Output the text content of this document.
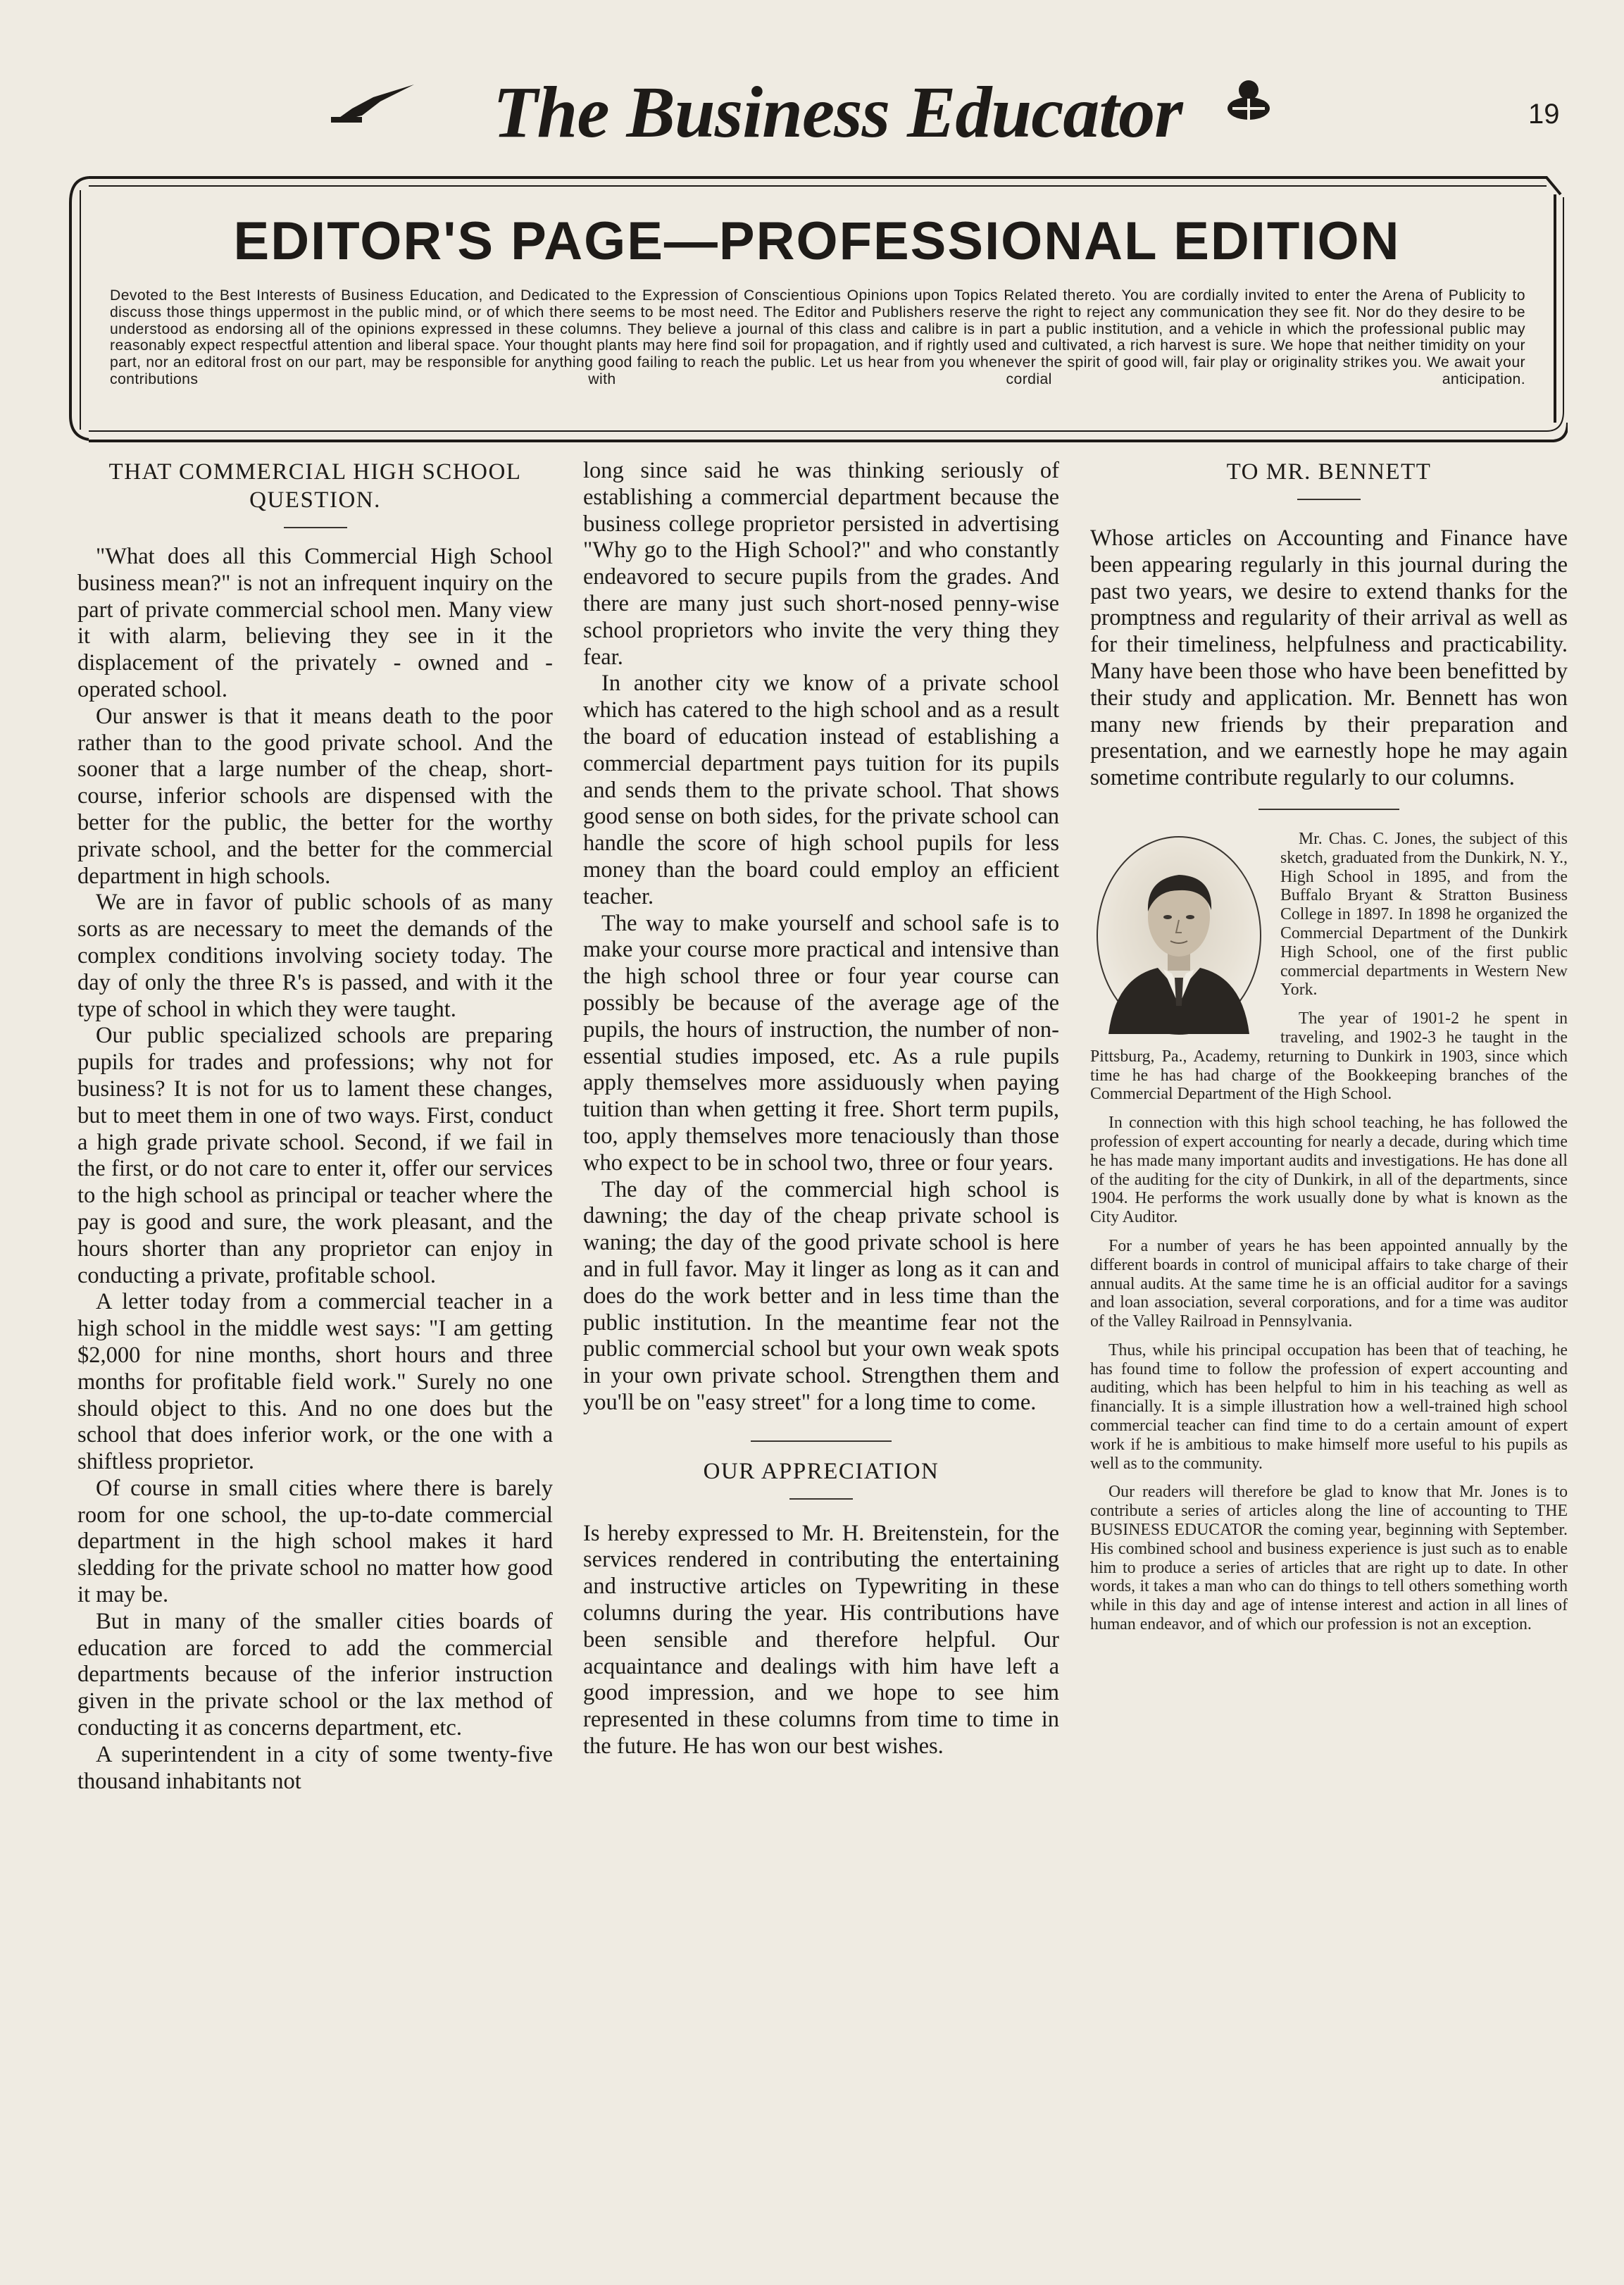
The Business Educator	19
EDITOR'S PAGE—PROFESSIONAL EDITION
Devoted to the Best Interests of Business Education, and Dedicated to the Expression of Conscientious Opinions upon Topics Related thereto. You are cordially invited to enter the Arena of Publicity to discuss those things uppermost in the public mind, or of which there seems to be most need. The Editor and Publishers reserve the right to reject any communication they see fit. Nor do they desire to be understood as endorsing all of the opinions expressed in these columns. They believe a journal of this class and calibre is in part a public institution, and a vehicle in which the professional public may reasonably expect respectful attention and liberal space. Your thought plants may here find soil for propagation, and if rightly used and cultivated, a rich harvest is sure. We hope that neither timidity on your part, nor an editoral frost on our part, may be responsible for anything good failing to reach the public. Let us hear from you whenever the spirit of good will, fair play or originality strikes you. We await your contributions with cordial anticipation.
THAT COMMERCIAL HIGH SCHOOL QUESTION.

"What does all this Commercial High School business mean?" is not an infrequent inquiry on the part of private commercial school men. Many view it with alarm, believing they see in it the displacement of the privately - owned and - operated school.

Our answer is that it means death to the poor rather than to the good private school. And the sooner that a large number of the cheap, short-course, inferior schools are dispensed with the better for the public, the better for the worthy private school, and the better for the commercial department in high schools.

We are in favor of public schools of as many sorts as are necessary to meet the demands of the complex conditions involving society today. The day of only the three R's is passed, and with it the type of school in which they were taught.

Our public specialized schools are preparing pupils for trades and professions; why not for business? It is not for us to lament these changes, but to meet them in one of two ways. First, conduct a high grade private school. Second, if we fail in the first, or do not care to enter it, offer our services to the high school as principal or teacher where the pay is good and sure, the work pleasant, and the hours shorter than any proprietor can enjoy in conducting a private, profitable school.

A letter today from a commercial teacher in a high school in the middle west says: "I am getting $2,000 for nine months, short hours and three months for profitable field work." Surely no one should object to this. And no one does but the school that does inferior work, or the one with a shiftless proprietor.

Of course in small cities where there is barely room for one school, the up-to-date commercial department in the high school makes it hard sledding for the private school no matter how good it may be.

But in many of the smaller cities boards of education are forced to add the commercial departments because of the inferior instruction given in the private school or the lax method of conducting it as concerns department, etc.

A superintendent in a city of some twenty-five thousand inhabitants not

long since said he was thinking seriously of establishing a commercial department because the business college proprietor persisted in advertising "Why go to the High School?" and who constantly endeavored to secure pupils from the grades. And there are many just such short-nosed penny-wise school proprietors who invite the very thing they fear.

In another city we know of a private school which has catered to the high school and as a result the board of education instead of establishing a commercial department pays tuition for its pupils and sends them to the private school. That shows good sense on both sides, for the private school can handle the score of high school pupils for less money than the board could employ an efficient teacher.

The way to make yourself and school safe is to make your course more practical and intensive than the high school three or four year course can possibly be because of the average age of the pupils, the hours of instruction, the number of non-essential studies imposed, etc. As a rule pupils apply themselves more assiduously when paying tuition than when getting it free. Short term pupils, too, apply themselves more tenaciously than those who expect to be in school two, three or four years.

The day of the commercial high school is dawning; the day of the cheap private school is waning; the day of the good private school is here and in full favor. May it linger as long as it can and does do the work better and in less time than the public institution. In the meantime fear not the public commercial school but your own weak spots in your own private school. Strengthen them and you'll be on "easy street" for a long time to come.

OUR APPRECIATION

Is hereby expressed to Mr. H. Breitenstein, for the services rendered in contributing the entertaining and instructive articles on Typewriting in these columns during the year. His contributions have been sensible and therefore helpful. Our acquaintance and dealings with him have left a good impression, and we hope to see him represented in these columns from time to time in the future. He has won our best wishes.

TO MR. BENNETT

Whose articles on Accounting and Finance have been appearing regularly in this journal during the past two years, we desire to extend thanks for the promptness and regularity of their arrival as well as for their timeliness, helpfulness and practicability. Many have been those who have been benefitted by their study and application. Mr. Bennett has won many new friends by their preparation and presentation, and we earnestly hope he may again sometime contribute regularly to our columns.

Mr. Chas. C. Jones, the subject of this sketch, graduated from the Dunkirk, N. Y., High School in 1895, and from the Buffalo Bryant & Stratton Business College in 1897. In 1898 he organized the Commercial Department of the Dunkirk High School, one of the first public commercial departments in Western New York.

The year of 1901-2 he spent in traveling, and 1902-3 he taught in the Pittsburg, Pa., Academy, returning to Dunkirk in 1903, since which time he has had charge of the Bookkeeping branches of the Commercial Department of the High School.

In connection with this high school teaching, he has followed the profession of expert accounting for nearly a decade, during which time he has made many important audits and investigations. He has done all of the auditing for the city of Dunkirk, in all of the departments, since 1904. He performs the work usually done by what is known as the City Auditor.

For a number of years he has been appointed annually by the different boards in control of municipal affairs to take charge of their annual audits. At the same time he is an official auditor for a savings and loan association, several corporations, and for a time was auditor of the Valley Railroad in Pennsylvania.

Thus, while his principal occupation has been that of teaching, he has found time to follow the profession of expert accounting and auditing, which has been helpful to him in his teaching as well as financially. It is a simple illustration how a well-trained high school commercial teacher can find time to do a certain amount of expert work if he is ambitious to make himself more useful to his pupils as well as to the community.

Our readers will therefore be glad to know that Mr. Jones is to contribute a series of articles along the line of accounting to THE BUSINESS EDUCATOR the coming year, beginning with September. His combined school and business experience is just such as to enable him to produce a series of articles that are right up to date. In other words, it takes a man who can do things to tell others something worth while in this day and age of intense interest and action in all lines of human endeavor, and of which our profession is not an exception.
